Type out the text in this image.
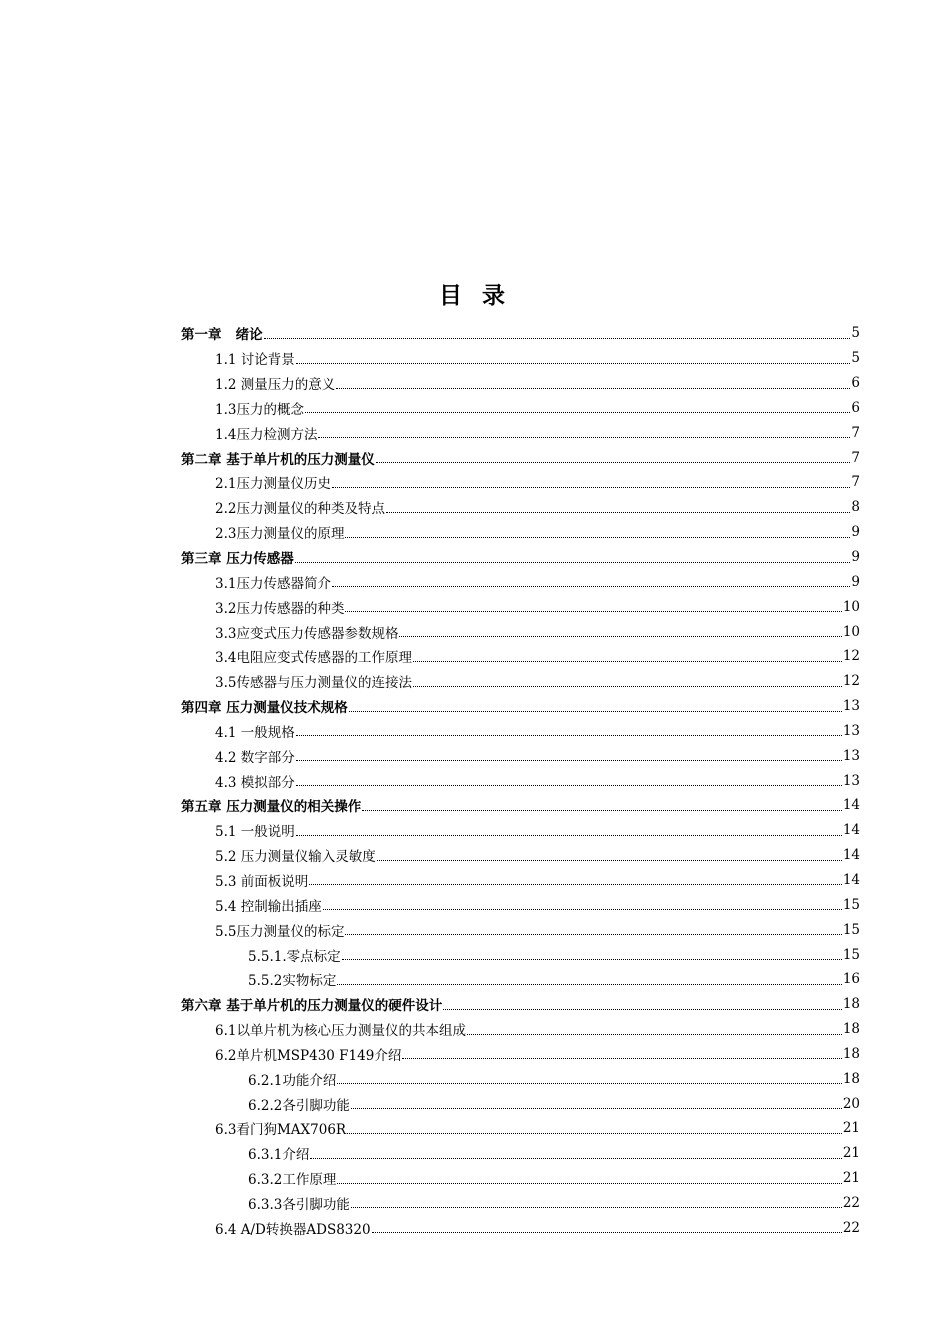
目 录
第一章   绪论	5
1.1 讨论背景	5
1.2 测量压力的意义	6
1.3压力的概念	6
1.4压力检测方法	7
第二章 基于单片机的压力测量仪	7
2.1压力测量仪历史	7
2.2压力测量仪的种类及特点	8
2.3压力测量仪的原理	9
第三章 压力传感器	9
3.1压力传感器简介	9
3.2压力传感器的种类	10
3.3应变式压力传感器参数规格	10
3.4电阻应变式传感器的工作原理	12
3.5传感器与压力测量仪的连接法	12
第四章 压力测量仪技术规格	13
4.1 一般规格	13
4.2 数字部分	13
4.3 模拟部分	13
第五章 压力测量仪的相关操作	14
5.1 一般说明	14
5.2 压力测量仪输入灵敏度	14
5.3 前面板说明	14
5.4 控制输出插座	15
5.5压力测量仪的标定	15
5.5.1.零点标定	15
5.5.2实物标定	16
第六章 基于单片机的压力测量仪的硬件设计	18
6.1以单片机为核心压力测量仪的共本组成	18
6.2单片机MSP430 F149介绍	18
6.2.1功能介绍	18
6.2.2各引脚功能	20
6.3看门狗MAX706R	21
6.3.1介绍	21
6.3.2工作原理	21
6.3.3各引脚功能	22
6.4 A/D转换器ADS8320	22
